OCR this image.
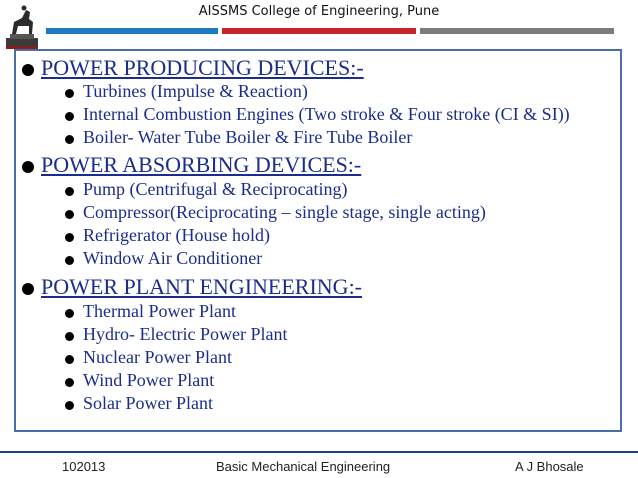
AISSMS College of Engineering, Pune
POWER PRODUCING DEVICES:-
Turbines (Impulse & Reaction)
Internal Combustion Engines (Two stroke & Four stroke (CI & SI))
Boiler- Water Tube Boiler & Fire Tube Boiler
POWER ABSORBING DEVICES:-
Pump (Centrifugal & Reciprocating)
Compressor(Reciprocating – single stage, single acting)
Refrigerator (House hold)
Window Air Conditioner
POWER PLANT ENGINEERING:-
Thermal Power Plant
Hydro- Electric Power Plant
Nuclear Power Plant
Wind Power Plant
Solar Power Plant
102013	Basic Mechanical Engineering	A J Bhosale
